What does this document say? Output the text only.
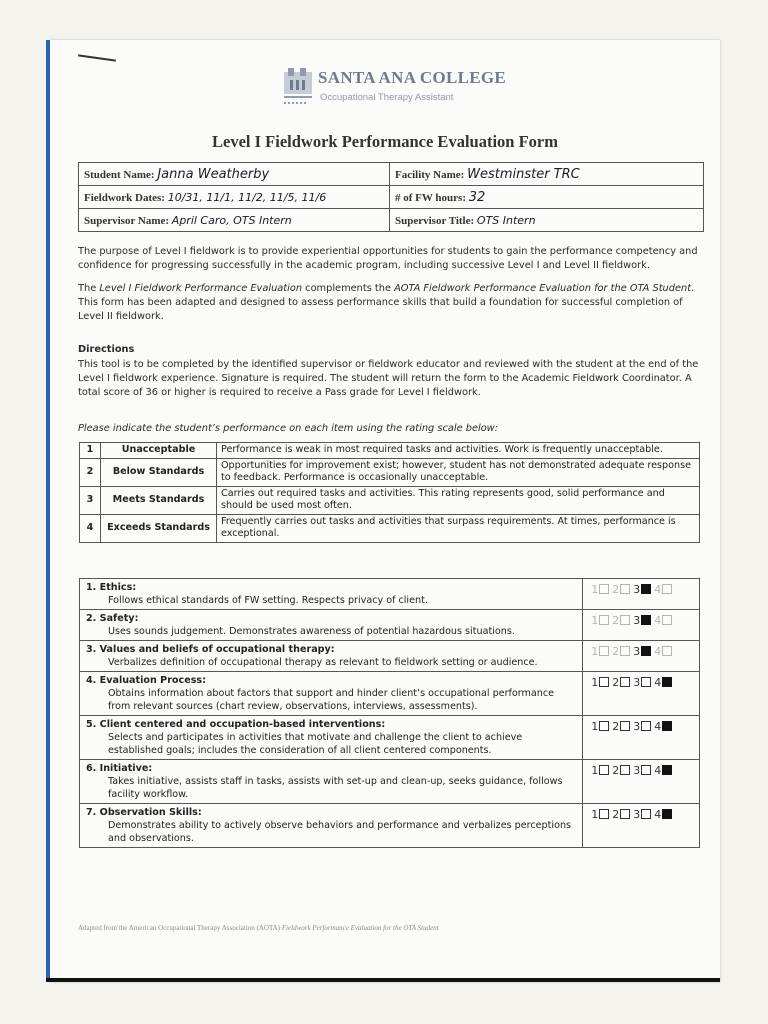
SANTA ANA COLLEGE
Occupational Therapy Assistant
Level I Fieldwork Performance Evaluation Form
Student Name: Janna Weatherby	Facility Name: Westminster TRC
Fieldwork Dates: 10/31, 11/1, 11/2, 11/5, 11/6	# of FW hours: 32
Supervisor Name: April Caro, OTS Intern	Supervisor Title: OTS Intern
The purpose of Level I fieldwork is to provide experiential opportunities for students to gain the performance competency and confidence for progressing successfully in the academic program, including successive Level I and Level II fieldwork.
The Level I Fieldwork Performance Evaluation complements the AOTA Fieldwork Performance Evaluation for the OTA Student. This form has been adapted and designed to assess performance skills that build a foundation for successful completion of Level II fieldwork.
Directions
This tool is to be completed by the identified supervisor or fieldwork educator and reviewed with the student at the end of the Level I fieldwork experience. Signature is required. The student will return the form to the Academic Fieldwork Coordinator. A total score of 36 or higher is required to receive a Pass grade for Level I fieldwork.
Please indicate the student’s performance on each item using the rating scale below:
1	Unacceptable	Performance is weak in most required tasks and activities. Work is frequently unacceptable.
2	Below Standards	Opportunities for improvement exist; however, student has not demonstrated adequate response to feedback. Performance is occasionally unacceptable.
3	Meets Standards	Carries out required tasks and activities. This rating represents good, solid performance and should be used most often.
4	Exceeds Standards	Frequently carries out tasks and activities that surpass requirements. At times, performance is exceptional.
1. Ethics:
Follows ethical standards of FW setting. Respects privacy of client.	1 2 3 4

2. Safety:
Uses sounds judgement. Demonstrates awareness of potential hazardous situations.	1 2 3 4

3. Values and beliefs of occupational therapy:
Verbalizes definition of occupational therapy as relevant to fieldwork setting or audience.	1 2 3 4

4. Evaluation Process:
Obtains information about factors that support and hinder client’s occupational performance from relevant sources (chart review, observations, interviews, assessments).	1 2 3 4

5. Client centered and occupation-based interventions:
Selects and participates in activities that motivate and challenge the client to achieve established goals; includes the consideration of all client centered components.	1 2 3 4

6. Initiative:
Takes initiative, assists staff in tasks, assists with set-up and clean-up, seeks guidance, follows facility workflow.	1 2 3 4

7. Observation Skills:
Demonstrates ability to actively observe behaviors and performance and verbalizes perceptions and observations.	1 2 3 4
Adapted from the American Occupational Therapy Association (AOTA) Fieldwork Performance Evaluation for the OTA Student
